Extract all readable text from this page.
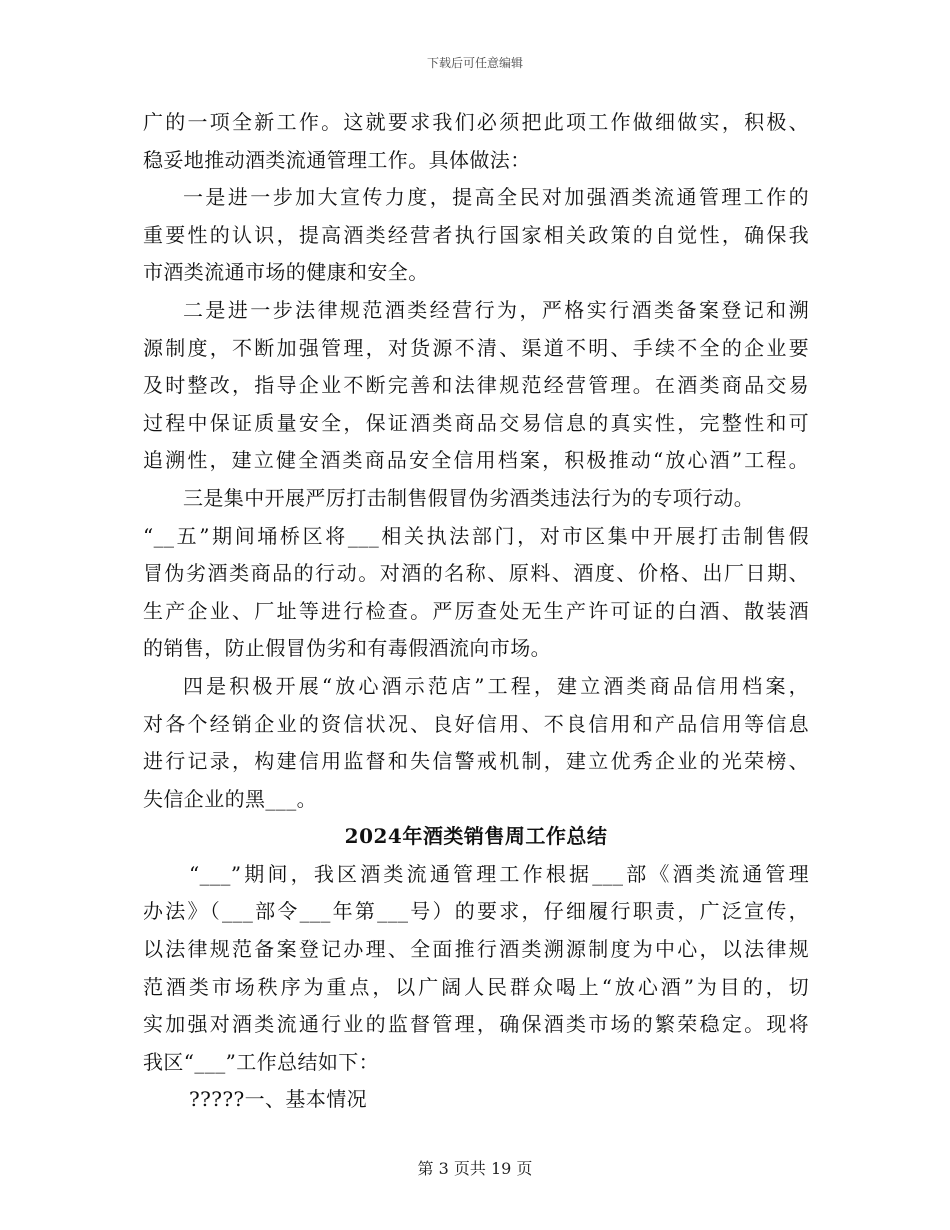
下载后可任意编辑
广的一项全新工作。这就要求我们必须把此项工作做细做实，积极、
稳妥地推动酒类流通管理工作。具体做法：
一是进一步加大宣传力度，提高全民对加强酒类流通管理工作的
重要性的认识，提高酒类经营者执行国家相关政策的自觉性，确保我
市酒类流通市场的健康和安全。
二是进一步法律规范酒类经营行为，严格实行酒类备案登记和溯
源制度，不断加强管理，对货源不清、渠道不明、手续不全的企业要
及时整改，指导企业不断完善和法律规范经营管理。在酒类商品交易
过程中保证质量安全，保证酒类商品交易信息的真实性，完整性和可
追溯性，建立健全酒类商品安全信用档案，积极推动“放心酒”工程。
三是集中开展严厉打击制售假冒伪劣酒类违法行为的专项行动。
“__五”期间埇桥区将___相关执法部门，对市区集中开展打击制售假
冒伪劣酒类商品的行动。对酒的名称、原料、酒度、价格、出厂日期、
生产企业、厂址等进行检查。严厉查处无生产许可证的白酒、散装酒
的销售，防止假冒伪劣和有毒假酒流向市场。
四是积极开展“放心酒示范店”工程，建立酒类商品信用档案，
对各个经销企业的资信状况、良好信用、不良信用和产品信用等信息
进行记录，构建信用监督和失信警戒机制，建立优秀企业的光荣榜、
失信企业的黑___。
2024年酒类销售周工作总结
“___”期间，我区酒类流通管理工作根据___部《酒类流通管理
办法》（___部令___年第___号）的要求，仔细履行职责，广泛宣传，
以法律规范备案登记办理、全面推行酒类溯源制度为中心，以法律规
范酒类市场秩序为重点，以广阔人民群众喝上“放心酒”为目的，切
实加强对酒类流通行业的监督管理，确保酒类市场的繁荣稳定。现将
我区“___”工作总结如下：
?????一、基本情况
第 3 页共 19 页
